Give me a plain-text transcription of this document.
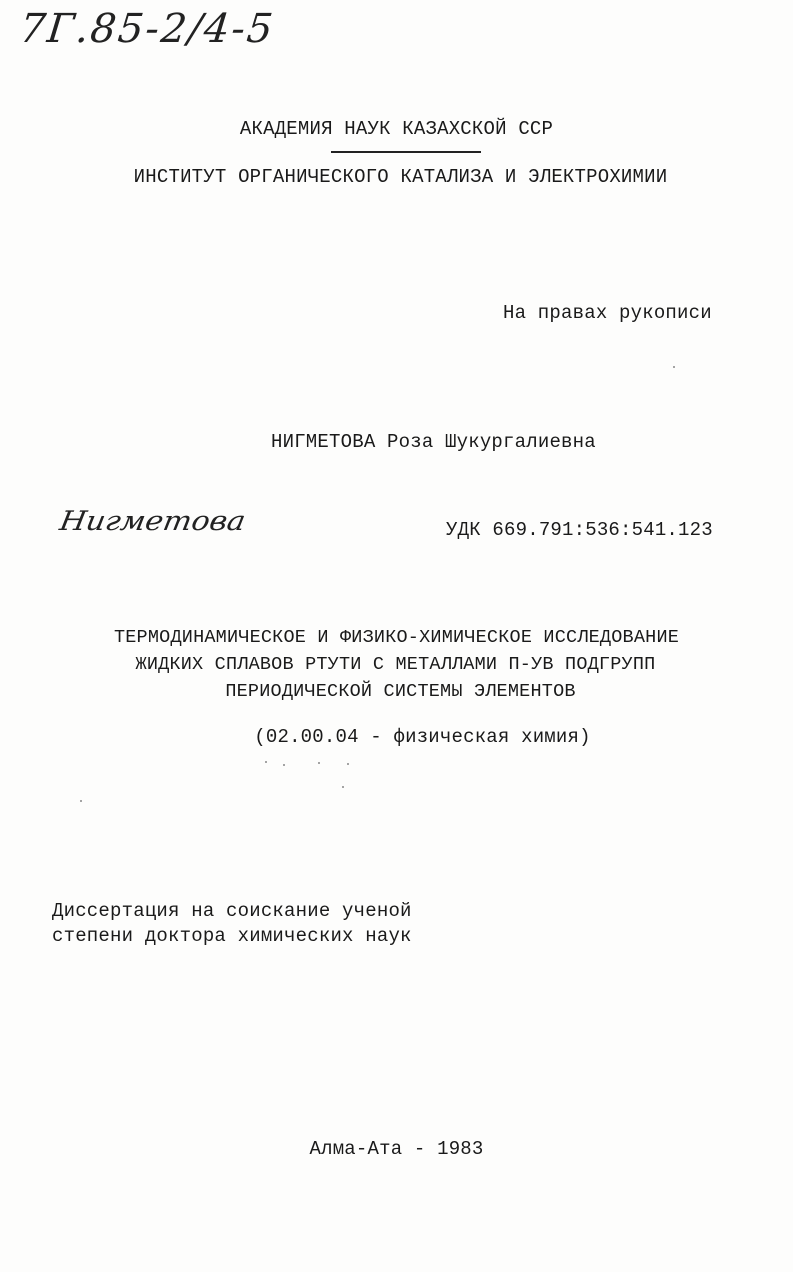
7Г.85-2/4-5
АКАДЕМИЯ НАУК КАЗАХСКОЙ ССР
ИНСТИТУТ ОРГАНИЧЕСКОГО КАТАЛИЗА И ЭЛЕКТРОХИМИИ
На правах рукописи
НИГМЕТОВА Роза Шукургалиевна
Нигметова	УДК 669.791:536:541.123
ТЕРМОДИНАМИЧЕСКОЕ И ФИЗИКО-ХИМИЧЕСКОЕ ИССЛЕДОВАНИЕ
ЖИДКИХ СПЛАВОВ РТУТИ С МЕТАЛЛАМИ П-УВ ПОДГРУПП
ПЕРИОДИЧЕСКОЙ СИСТЕМЫ ЭЛЕМЕНТОВ
(02.00.04 - физическая химия)
Диссертация на соискание ученой
степени доктора химических наук
Алма-Ата - 1983
